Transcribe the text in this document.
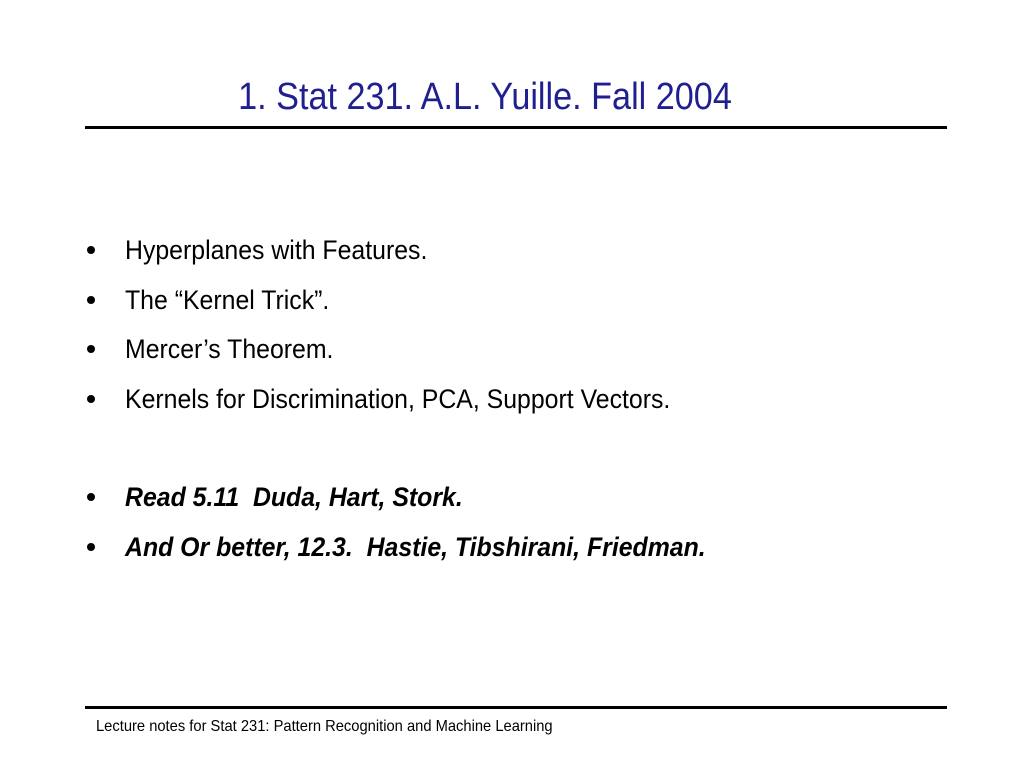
1. Stat 231. A.L. Yuille. Fall 2004
Hyperplanes with Features.
The “Kernel Trick”.
Mercer’s Theorem.
Kernels for Discrimination, PCA, Support Vectors.
Read 5.11  Duda, Hart, Stork.
And Or better, 12.3.  Hastie, Tibshirani, Friedman.
Lecture notes for Stat 231: Pattern Recognition and Machine Learning
